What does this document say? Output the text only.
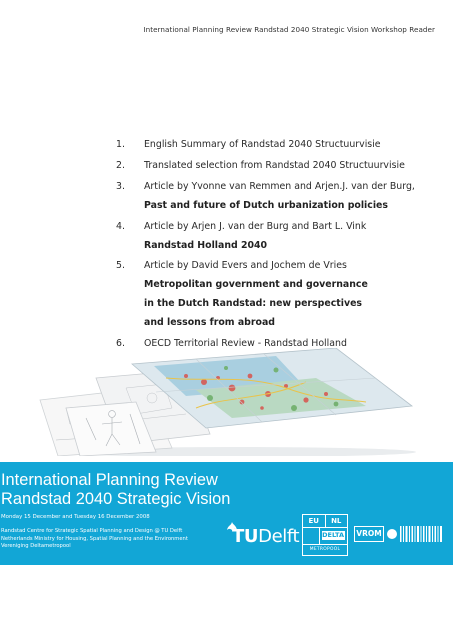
International Planning Review Randstad 2040 Strategic Vision Workshop Reader
1.	English Summary of Randstad 2040 Structuurvisie
2.	Translated selection from Randstad 2040 Structuurvisie
3.	Article by Yvonne van Remmen and Arjen.J. van der Burg,
Past and future of Dutch urbanization policies
4.	Article by Arjen J. van der Burg and Bart L. Vink
Randstad Holland 2040
5.	Article by David Evers and Jochem de Vries
Metropolitan government and governance
in the Dutch Randstad: new perspectives
and lessons from abroad
6.	OECD Territorial Review - Randstad Holland
International Planning Review
Randstad 2040 Strategic Vision
Monday 15 December and Tuesday 16 December 2008
Randstad Centre for Strategic Spatial Planning and Design @ TU Delft
Netherlands Ministry for Housing, Spatial Planning and the Environment
Vereniging Deltametropool	TUDelft
EU	NL
DELTA
METROPOOL
VROM
